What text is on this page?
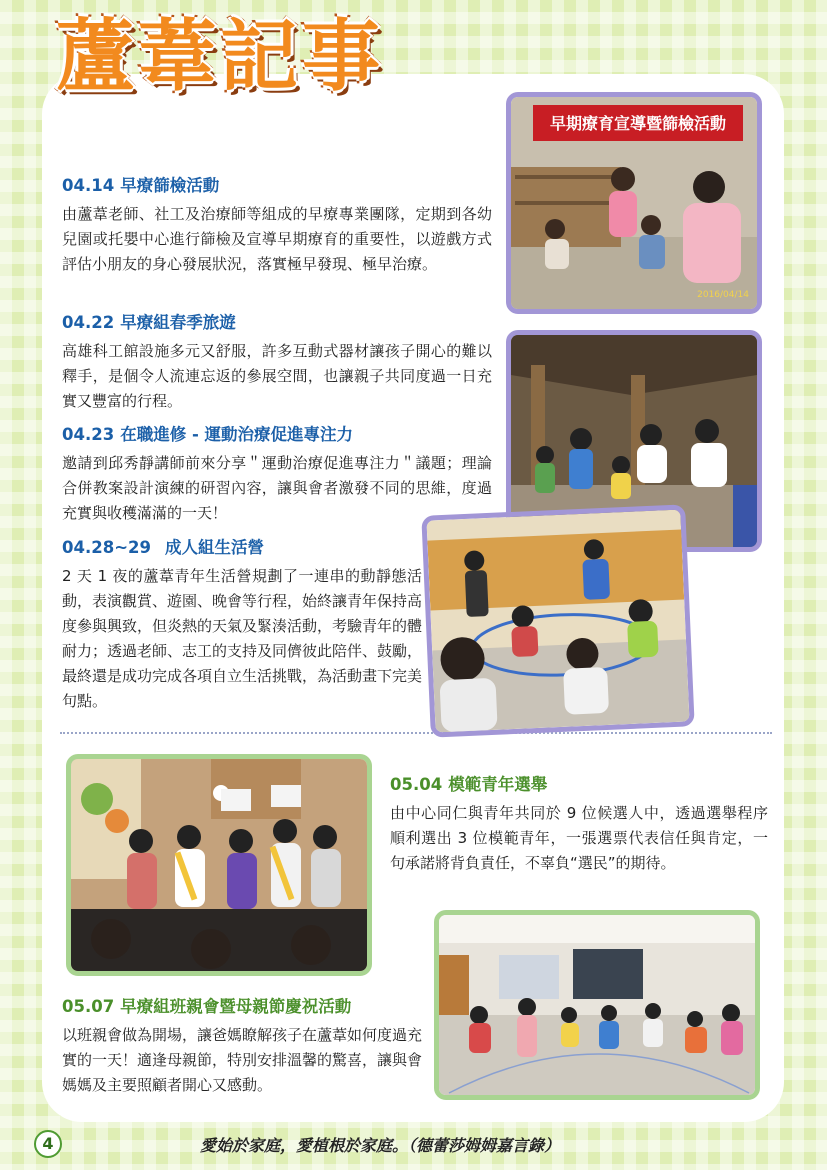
蘆葦記事

04.14 早療篩檢活動

由蘆葦老師、社工及治療師等組成的早療專業團隊，定期到各幼兒園或托嬰中心進行篩檢及宣導早期療育的重要性，以遊戲方式評估小朋友的身心發展狀況，落實極早發現、極早治療。

04.22 早療組春季旅遊

高雄科工館設施多元又舒服，許多互動式器材讓孩子開心的難以釋手，是個令人流連忘返的參展空間，也讓親子共同度過一日充實又豐富的行程。

04.23 在職進修 - 運動治療促進專注力

邀請到邱秀靜講師前來分享＂運動治療促進專注力＂議題；理論合併教案設計演練的研習內容，讓與會者激發不同的思維，度過充實與收穫滿滿的一天！

04.28~29 成人組生活營

2 天 1 夜的蘆葦青年生活營規劃了一連串的動靜態活動，表演觀賞、遊園、晚會等行程，始終讓青年保持高度參與興致，但炎熱的天氣及緊湊活動，考驗青年的體耐力；透過老師、志工的支持及同儕彼此陪伴、鼓勵，最終還是成功完成各項自立生活挑戰，為活動畫下完美句點。

05.04 模範青年選舉

由中心同仁與青年共同於 9 位候選人中，透過選舉程序順利選出 3 位模範青年，一張選票代表信任與肯定，一句承諾將背負責任，不辜負“選民”的期待。

05.07 早療組班親會暨母親節慶祝活動

以班親會做為開場，讓爸媽瞭解孩子在蘆葦如何度過充實的一天！適逢母親節，特別安排溫馨的驚喜，讓與會媽媽及主要照顧者開心又感動。

早期療育宣導暨篩檢活動
2016/04/14
4	愛始於家庭，愛植根於家庭。（德蕾莎姆姆嘉言錄）
